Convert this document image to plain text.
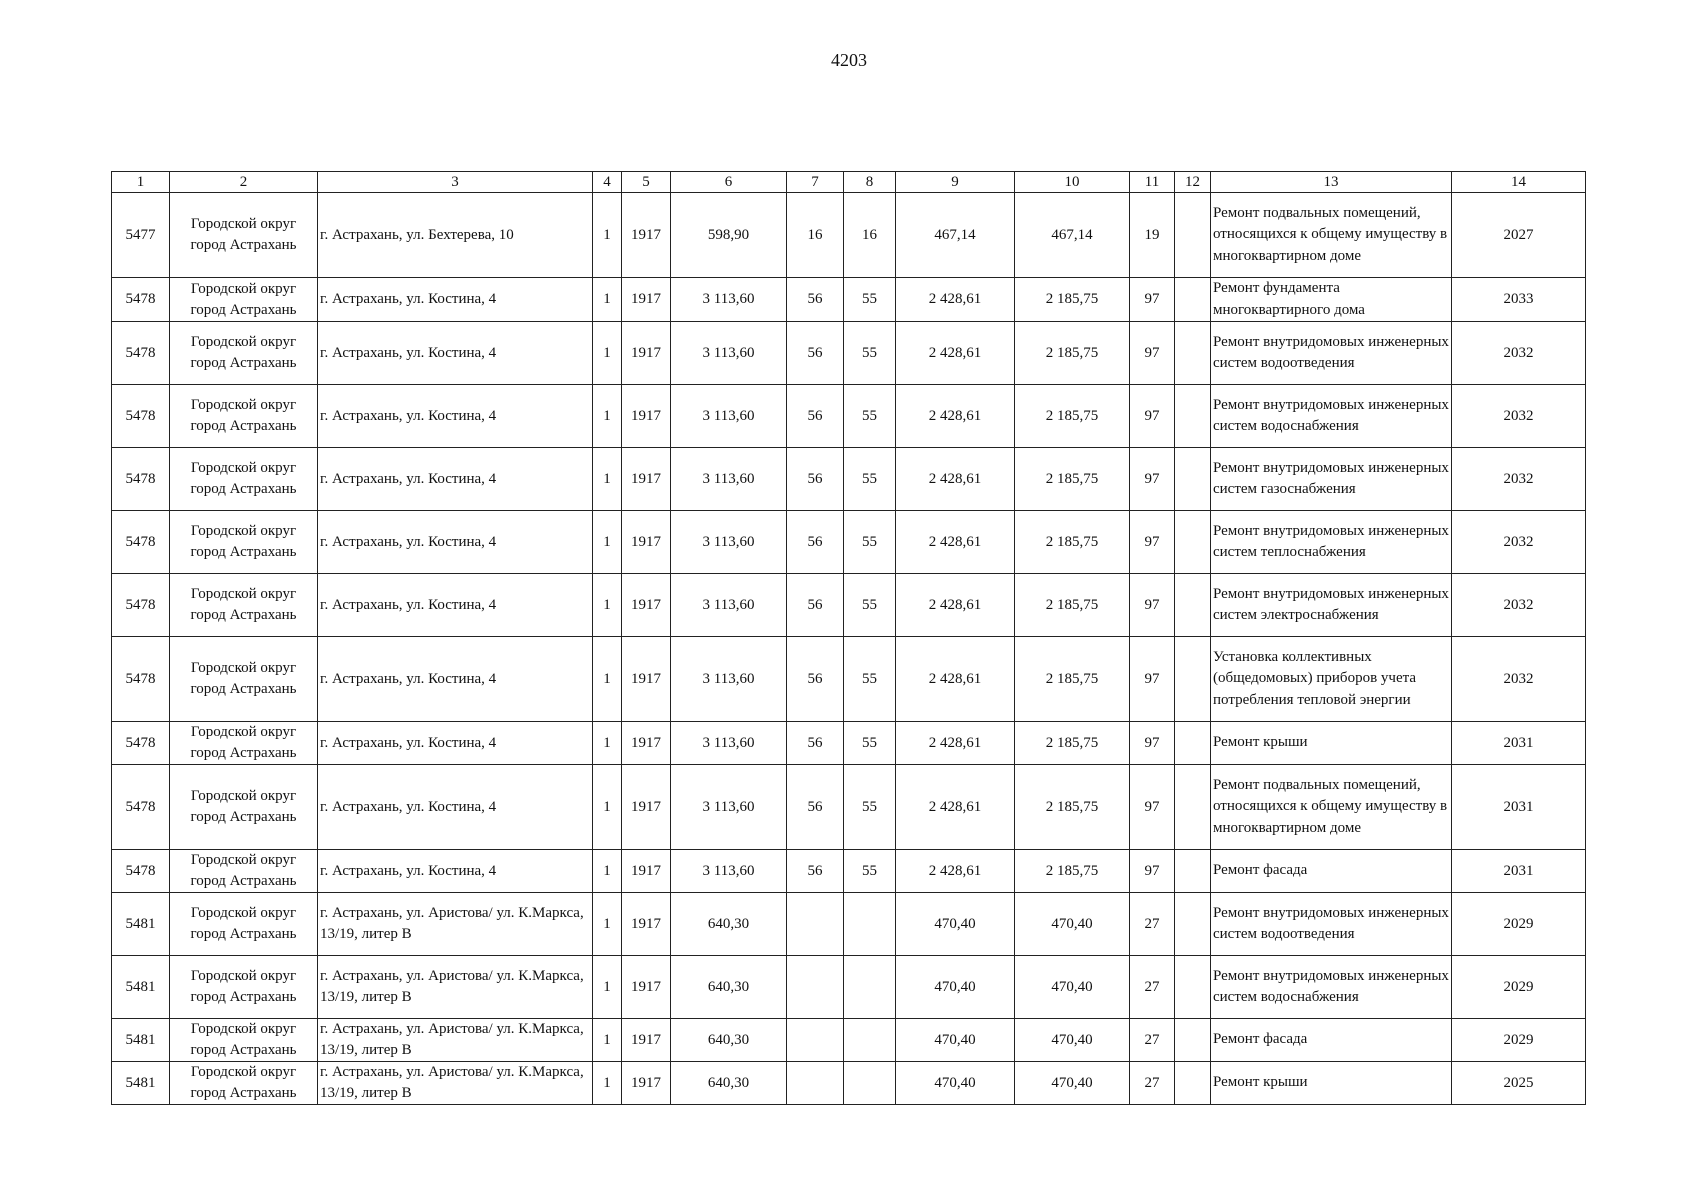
4203
1	2	3	4	5	6	7	8	9	10	11	12	13	14
5477	Городской округ город Астрахань	г. Астрахань, ул. Бехтерева, 10	1	1917	598,90	16	16	467,14	467,14	19		Ремонт подвальных помещений, относящихся к общему имуществу в многоквартирном доме	2027
5478	Городской округ город Астрахань	г. Астрахань, ул. Костина, 4	1	1917	3 113,60	56	55	2 428,61	2 185,75	97		Ремонт фундамента многоквартирного дома	2033
5478	Городской округ город Астрахань	г. Астрахань, ул. Костина, 4	1	1917	3 113,60	56	55	2 428,61	2 185,75	97		Ремонт внутридомовых инженерных систем водоотведения	2032
5478	Городской округ город Астрахань	г. Астрахань, ул. Костина, 4	1	1917	3 113,60	56	55	2 428,61	2 185,75	97		Ремонт внутридомовых инженерных систем водоснабжения	2032
5478	Городской округ город Астрахань	г. Астрахань, ул. Костина, 4	1	1917	3 113,60	56	55	2 428,61	2 185,75	97		Ремонт внутридомовых инженерных систем газоснабжения	2032
5478	Городской округ город Астрахань	г. Астрахань, ул. Костина, 4	1	1917	3 113,60	56	55	2 428,61	2 185,75	97		Ремонт внутридомовых инженерных систем теплоснабжения	2032
5478	Городской округ город Астрахань	г. Астрахань, ул. Костина, 4	1	1917	3 113,60	56	55	2 428,61	2 185,75	97		Ремонт внутридомовых инженерных систем электроснабжения	2032
5478	Городской округ город Астрахань	г. Астрахань, ул. Костина, 4	1	1917	3 113,60	56	55	2 428,61	2 185,75	97		Установка коллективных (общедомовых) приборов учета потребления тепловой энергии	2032
5478	Городской округ город Астрахань	г. Астрахань, ул. Костина, 4	1	1917	3 113,60	56	55	2 428,61	2 185,75	97		Ремонт крыши	2031
5478	Городской округ город Астрахань	г. Астрахань, ул. Костина, 4	1	1917	3 113,60	56	55	2 428,61	2 185,75	97		Ремонт подвальных помещений, относящихся к общему имуществу в многоквартирном доме	2031
5478	Городской округ город Астрахань	г. Астрахань, ул. Костина, 4	1	1917	3 113,60	56	55	2 428,61	2 185,75	97		Ремонт фасада	2031
5481	Городской округ город Астрахань	г. Астрахань, ул. Аристова/ ул. К.Маркса, 13/19, литер В	1	1917	640,30			470,40	470,40	27		Ремонт внутридомовых инженерных систем водоотведения	2029
5481	Городской округ город Астрахань	г. Астрахань, ул. Аристова/ ул. К.Маркса, 13/19, литер В	1	1917	640,30			470,40	470,40	27		Ремонт внутридомовых инженерных систем водоснабжения	2029
5481	Городской округ город Астрахань	г. Астрахань, ул. Аристова/ ул. К.Маркса, 13/19, литер В	1	1917	640,30			470,40	470,40	27		Ремонт фасада	2029
5481	Городской округ город Астрахань	г. Астрахань, ул. Аристова/ ул. К.Маркса, 13/19, литер В	1	1917	640,30			470,40	470,40	27		Ремонт крыши	2025
